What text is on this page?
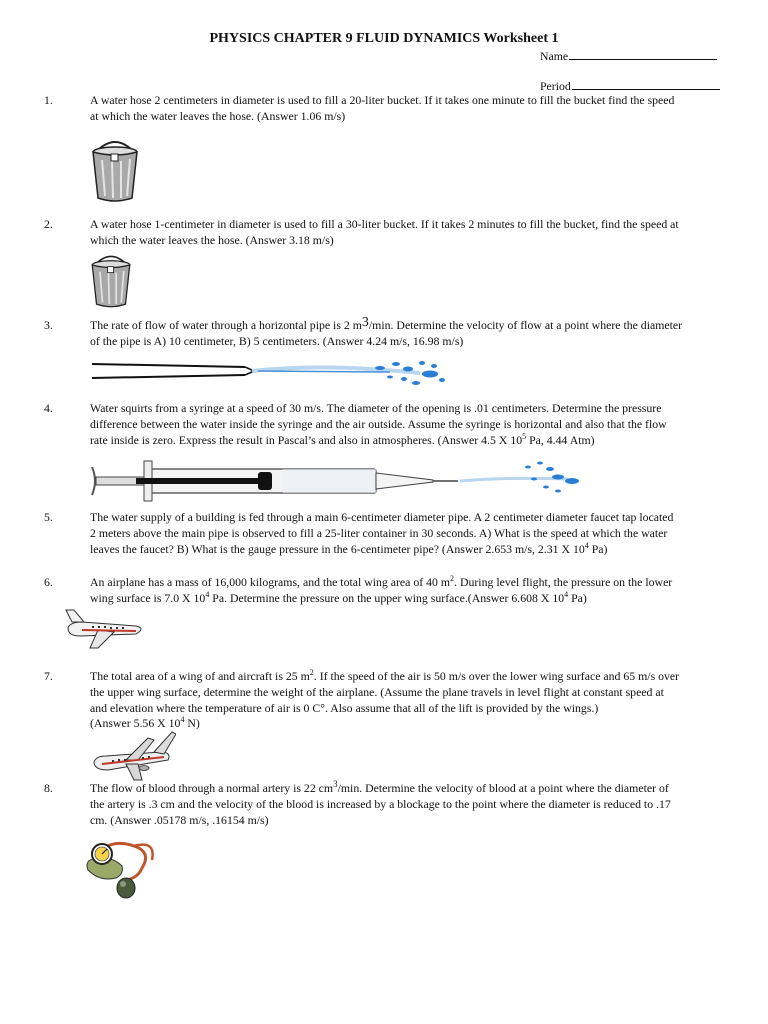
PHYSICS CHAPTER 9 FLUID DYNAMICS Worksheet 1
Name
Period
1.	A water hose 2 centimeters in diameter is used to fill a 20-liter bucket. If it takes one minute to fill the bucket find the speed
at which the water leaves the hose. (Answer 1.06 m/s)
2.	A water hose 1-centimeter in diameter is used to fill a 30-liter bucket. If it takes 2 minutes to fill the bucket, find the speed at
which the water leaves the hose. (Answer 3.18 m/s)
3.	The rate of flow of water through a horizontal pipe is 2 m3/min. Determine the velocity of flow at a point where the diameter
of the pipe is A) 10 centimeter, B) 5 centimeters. (Answer 4.24 m/s, 16.98 m/s)
4.	Water squirts from a syringe at a speed of 30 m/s. The diameter of the opening is .01 centimeters. Determine the pressure
difference between the water inside the syringe and the air outside. Assume the syringe is horizontal and also that the flow
rate inside is zero. Express the result in Pascal’s and also in atmospheres. (Answer 4.5 X $10^5$ Pa, 4.44 Atm)
5.	The water supply of a building is fed through a main 6-centimeter diameter pipe. A 2 centimeter diameter faucet tap located
2 meters above the main pipe is observed to fill a 25-liter container in 30 seconds. A) What is the speed at which the water
leaves the faucet? B) What is the gauge pressure in the 6-centimeter pipe? (Answer 2.653 m/s, 2.31 X $10^4$ Pa)
6.	An airplane has a mass of 16,000 kilograms, and the total wing area of 40 $m^2$. During level flight, the pressure on the lower
wing surface is 7.0 X $10^4$ Pa. Determine the pressure on the upper wing surface.(Answer 6.608 X $10^4$ Pa)
7.	The total area of a wing of and aircraft is 25 $m^2$. If the speed of the air is 50 m/s over the lower wing surface and 65 m/s over
the upper wing surface, determine the weight of the airplane. (Assume the plane travels in level flight at constant speed at
and elevation where the temperature of air is 0 C°. Also assume that all of the lift is provided by the wings.)
(Answer 5.56 X $10^4$ N)
8.	The flow of blood through a normal artery is 22 $cm^3/\min$. Determine the velocity of blood at a point where the diameter of
the artery is .3 cm and the velocity of the blood is increased by a blockage to the point where the diameter is reduced to .17
cm. (Answer .05178 m/s, .16154 m/s)
